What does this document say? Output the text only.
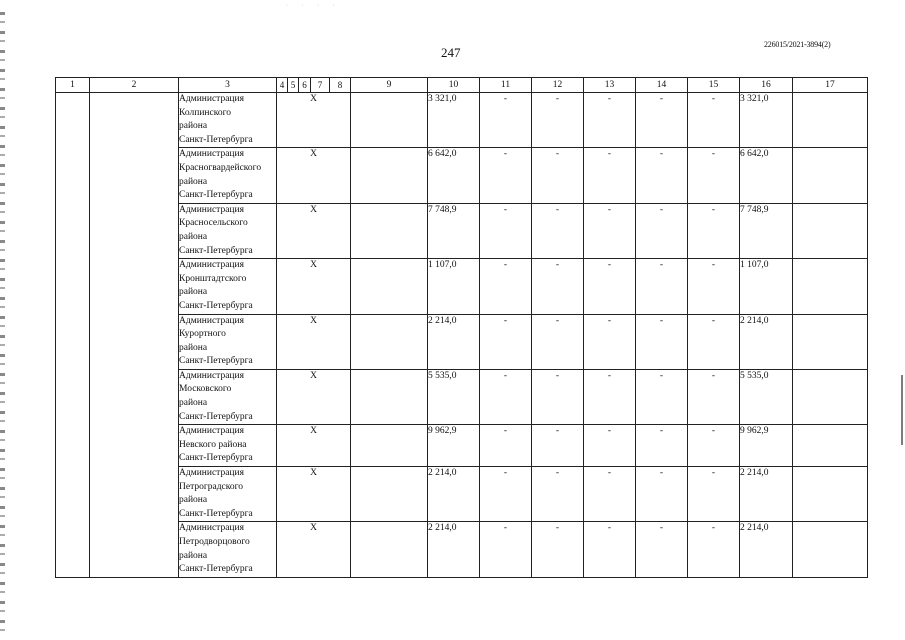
· · · ·
226015/2021-3894(2)
247
1	2	3	4	5	6	7	8	9	10	11	12	13	14	15	16	17

		Администрация
Колпинского
района
Санкт-Петербурга	Х						3 321,0	-	-	-	-	-	3 321,0	

		Администрация
Красногвардейского
района
Санкт-Петербурга	Х						6 642,0	-	-	-	-	-	6 642,0	

		Администрация
Красносельского
района
Санкт-Петербурга	Х						7 748,9	-	-	-	-	-	7 748,9	

		Администрация
Кронштадтского
района
Санкт-Петербурга	Х						1 107,0	-	-	-	-	-	1 107,0	

		Администрация
Курортного
района
Санкт-Петербурга	Х						2 214,0	-	-	-	-	-	2 214,0	

		Администрация
Московского
района
Санкт-Петербурга	Х						5 535,0	-	-	-	-	-	5 535,0	

		Администрация
Невского района
Санкт-Петербурга	Х						9 962,9	-	-	-	-	-	9 962,9	

		Администрация
Петроградского
района
Санкт-Петербурга	Х						2 214,0	-	-	-	-	-	2 214,0	

		Администрация
Петродворцового
района
Санкт-Петербурга	Х						2 214,0	-	-	-	-	-	2 214,0	
